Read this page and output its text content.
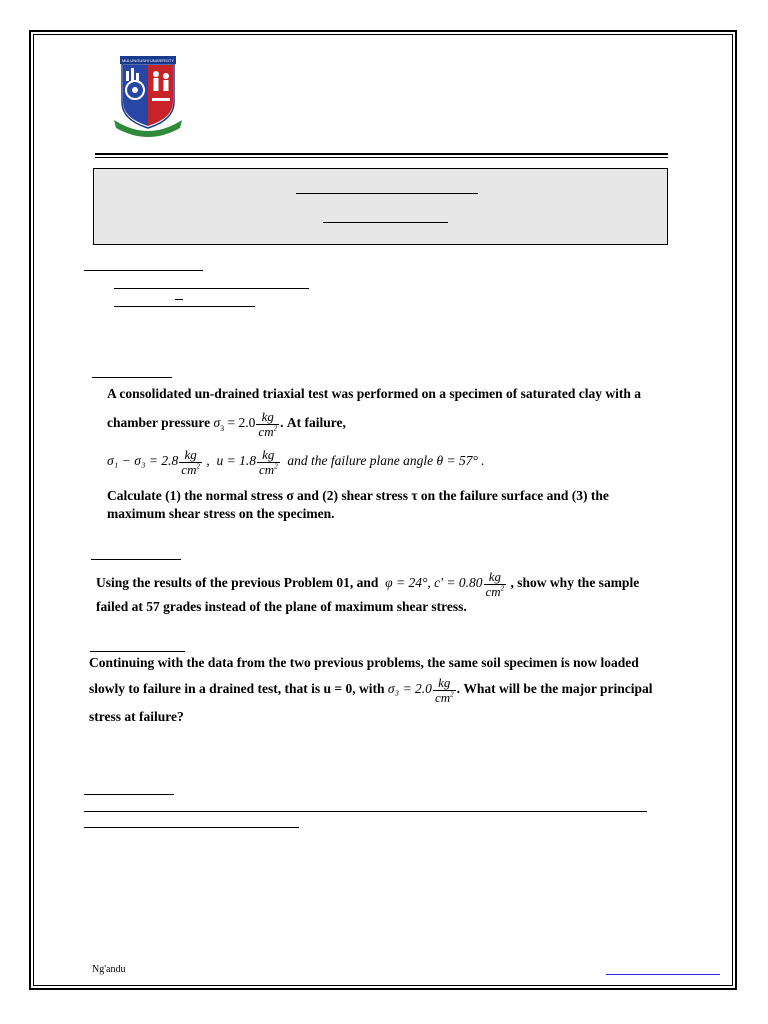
MULUNGUSHI UNIVERSITY
A consolidated un-drained triaxial test was performed on a specimen of saturated clay with a
chamber pressure $\sigma_3 = 2.0 \frac{kg}{cm^2}$ . At failure,
$\sigma_1 - \sigma_3 = 2.8 \frac{kg}{cm^2}$ ,  $u = 1.8 \frac{kg}{cm^2}$ and the failure plane angle θ = 57° .
Calculate (1) the normal stress σ and (2) shear stress τ on the failure surface and (3) the
maximum shear stress on the specimen.
Using the results of the previous Problem 01, and  φ = 24°, $c' = 0.80 \frac{kg}{cm^2}$ , show why the sample
failed at 57 grades instead of the plane of maximum shear stress.
Continuing with the data from the two previous problems, the same soil specimen is now loaded
slowly to failure in a drained test, that is u = 0, with $\sigma_3 = 2.0 \frac{kg}{cm^2}$ . What will be the major principal
stress at failure?
Ng'andu
